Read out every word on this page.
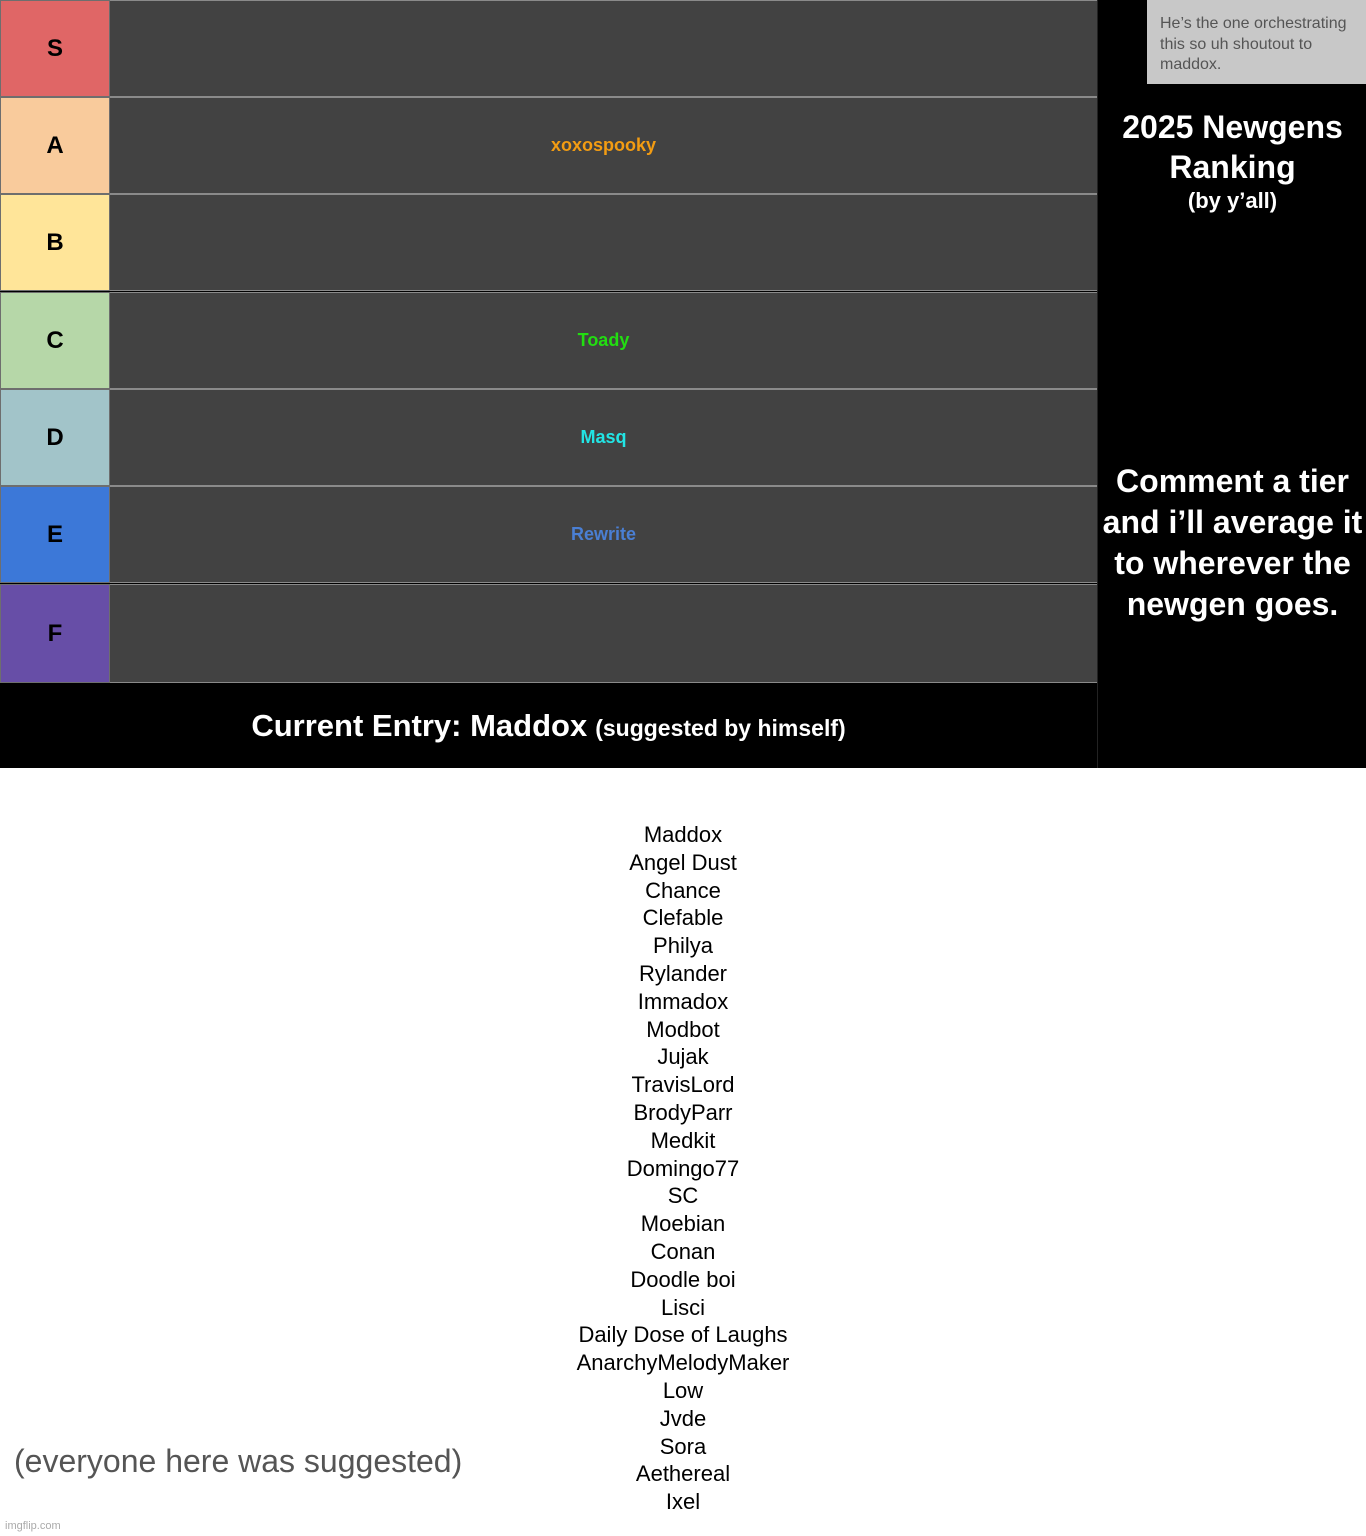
S
A	xoxospooky
B
C	Toady
D	Masq
E	Rewrite
F
Current Entry: Maddox (suggested by himself)
He’s the one orchestrating this so uh shoutout to maddox.
2025 Newgens Ranking
(by y’all)
Comment a tier and i’ll average it to wherever the newgen goes.
Maddox
Angel Dust
Chance
Clefable
Philya
Rylander
Immadox
Modbot
Jujak
TravisLord
BrodyParr
Medkit
Domingo77
SC
Moebian
Conan
Doodle boi
Lisci
Daily Dose of Laughs
AnarchyMelodyMaker
Low
Jvde
Sora
Aethereal
Ixel
(everyone here was suggested)
imgflip.com
